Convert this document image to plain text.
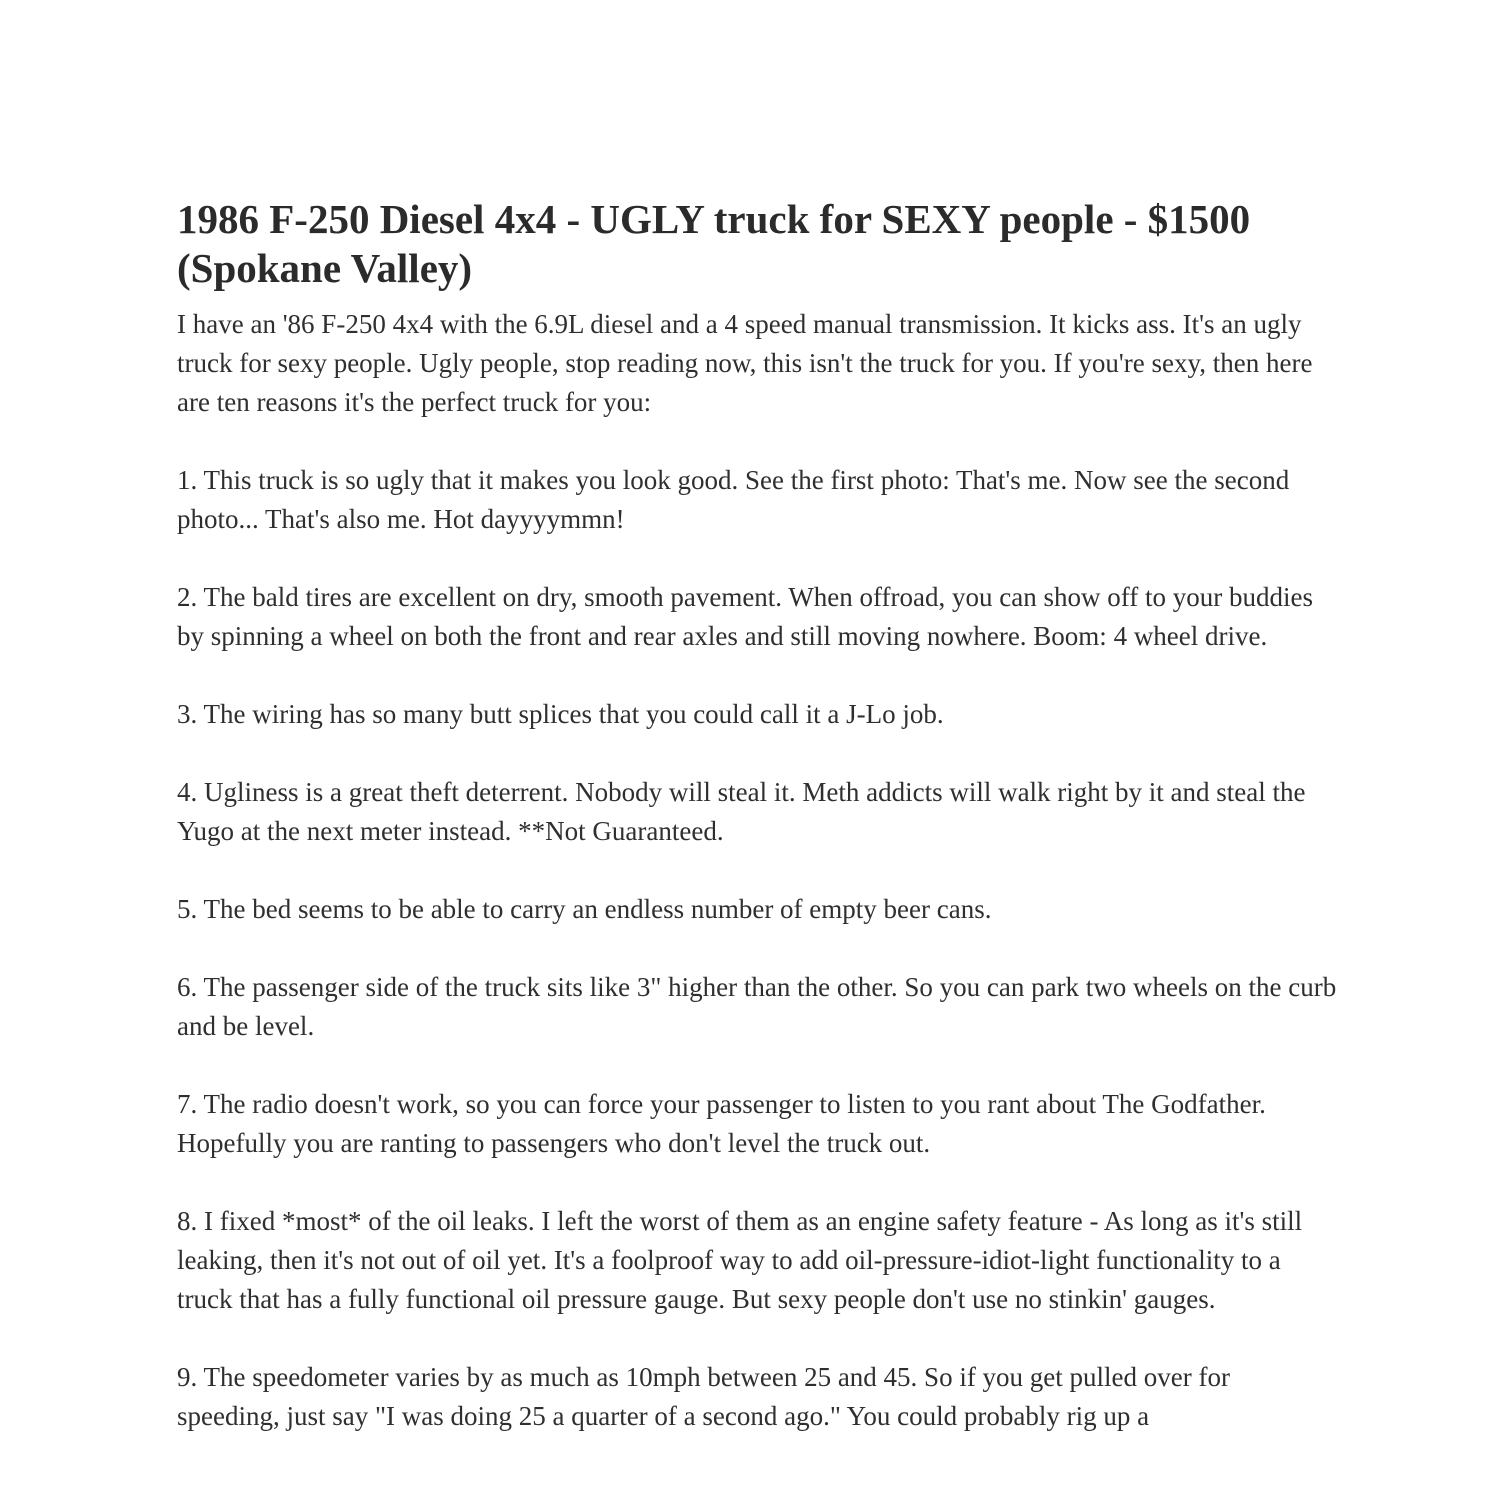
1986 F-250 Diesel 4x4 - UGLY truck for SEXY people - $1500 (Spokane Valley)

I have an '86 F-250 4x4 with the 6.9L diesel and a 4 speed manual transmission. It kicks ass. It's an ugly truck for sexy people. Ugly people, stop reading now, this isn't the truck for you. If you're sexy, then here are ten reasons it's the perfect truck for you:

1. This truck is so ugly that it makes you look good. See the first photo: That's me. Now see the second photo... That's also me. Hot dayyyymmn!

2. The bald tires are excellent on dry, smooth pavement. When offroad, you can show off to your buddies by spinning a wheel on both the front and rear axles and still moving nowhere. Boom: 4 wheel drive.

3. The wiring has so many butt splices that you could call it a J-Lo job.

4. Ugliness is a great theft deterrent. Nobody will steal it. Meth addicts will walk right by it and steal the Yugo at the next meter instead. **Not Guaranteed.

5. The bed seems to be able to carry an endless number of empty beer cans.

6. The passenger side of the truck sits like 3" higher than the other. So you can park two wheels on the curb and be level.

7. The radio doesn't work, so you can force your passenger to listen to you rant about The Godfather. Hopefully you are ranting to passengers who don't level the truck out.

8. I fixed *most* of the oil leaks. I left the worst of them as an engine safety feature - As long as it's still leaking, then it's not out of oil yet. It's a foolproof way to add oil-pressure-idiot-light functionality to a truck that has a fully functional oil pressure gauge. But sexy people don't use no stinkin' gauges.

9. The speedometer varies by as much as 10mph between 25 and 45. So if you get pulled over for speeding, just say "I was doing 25 a quarter of a second ago." You could probably rig up a
